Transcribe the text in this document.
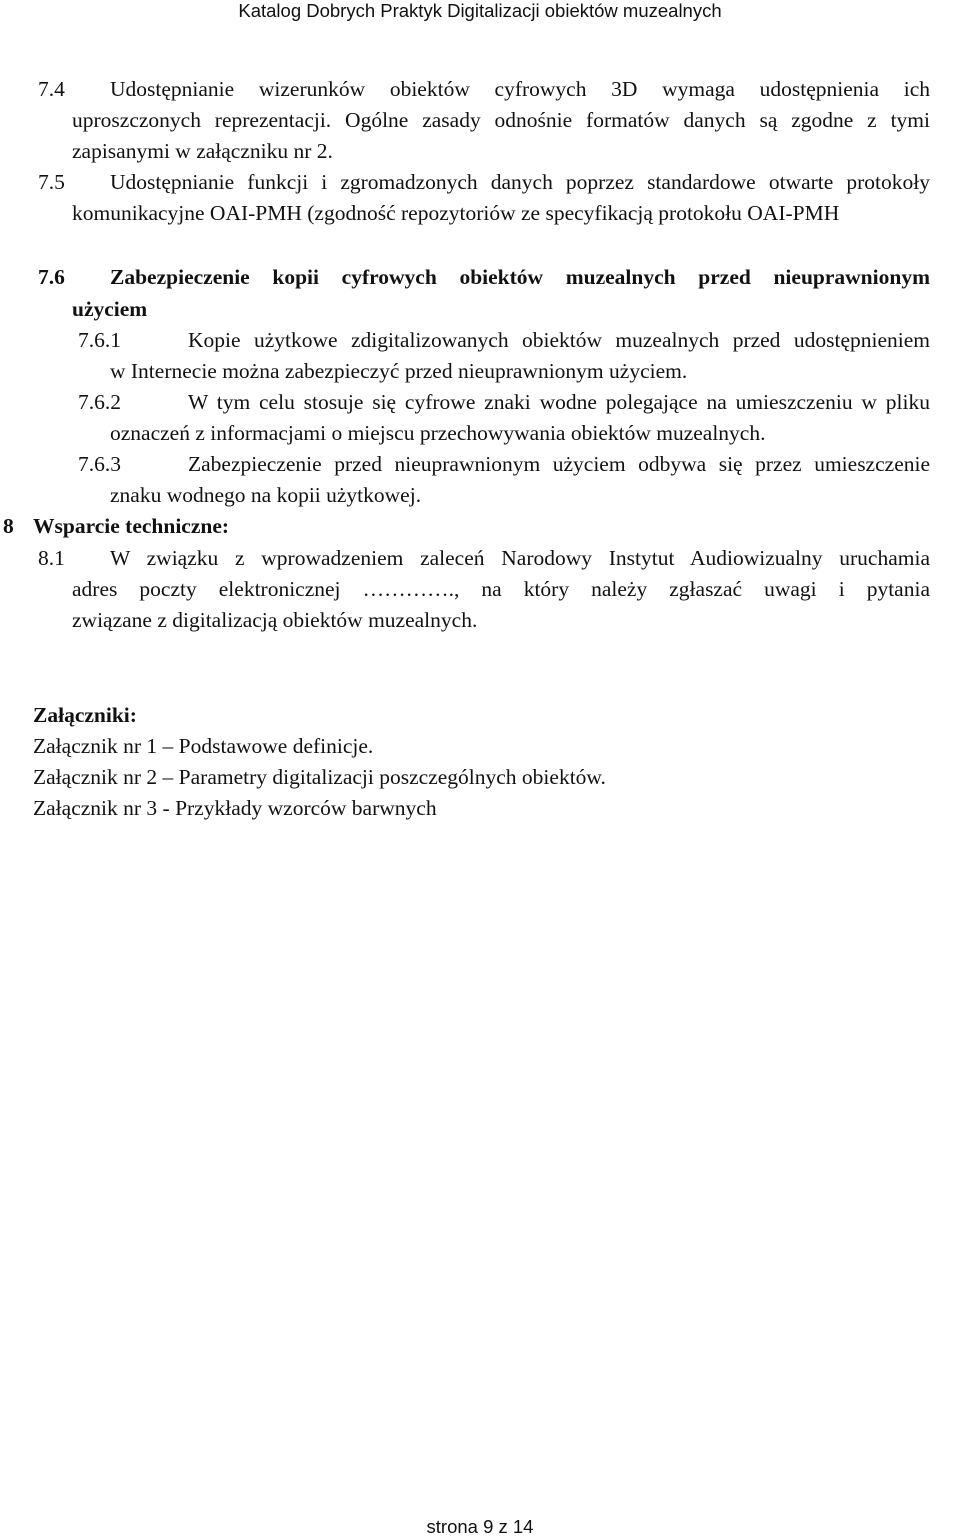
Katalog Dobrych Praktyk Digitalizacji obiektów muzealnych
7.4 Udostępnianie wizerunków obiektów cyfrowych 3D wymaga udostępnienia ich
uproszczonych reprezentacji. Ogólne zasady odnośnie formatów danych są zgodne z tymi
zapisanymi w załączniku nr 2.
7.5 Udostępnianie funkcji i zgromadzonych danych poprzez standardowe otwarte protokoły
komunikacyjne OAI-PMH (zgodność repozytoriów ze specyfikacją protokołu OAI-PMH
7.6 Zabezpieczenie kopii cyfrowych obiektów muzealnych przed nieuprawnionym
użyciem
7.6.1	Kopie użytkowe zdigitalizowanych obiektów muzealnych przed udostępnieniem
w Internecie można zabezpieczyć przed nieuprawnionym użyciem.
7.6.2	W tym celu stosuje się cyfrowe znaki wodne polegające na umieszczeniu w pliku
oznaczeń z informacjami o miejscu przechowywania obiektów muzealnych.
7.6.3	Zabezpieczenie przed nieuprawnionym użyciem odbywa się przez umieszczenie
znaku wodnego na kopii użytkowej.
8 Wsparcie techniczne:
8.1 W związku z wprowadzeniem zaleceń Narodowy Instytut Audiowizualny uruchamia
adres poczty elektronicznej …………., na który należy zgłaszać uwagi i pytania
związane z digitalizacją obiektów muzealnych.
Załączniki:
Załącznik nr 1 – Podstawowe definicje.
Załącznik nr 2 – Parametry digitalizacji poszczególnych obiektów.
Załącznik nr 3 - Przykłady wzorców barwnych
strona 9 z 14
